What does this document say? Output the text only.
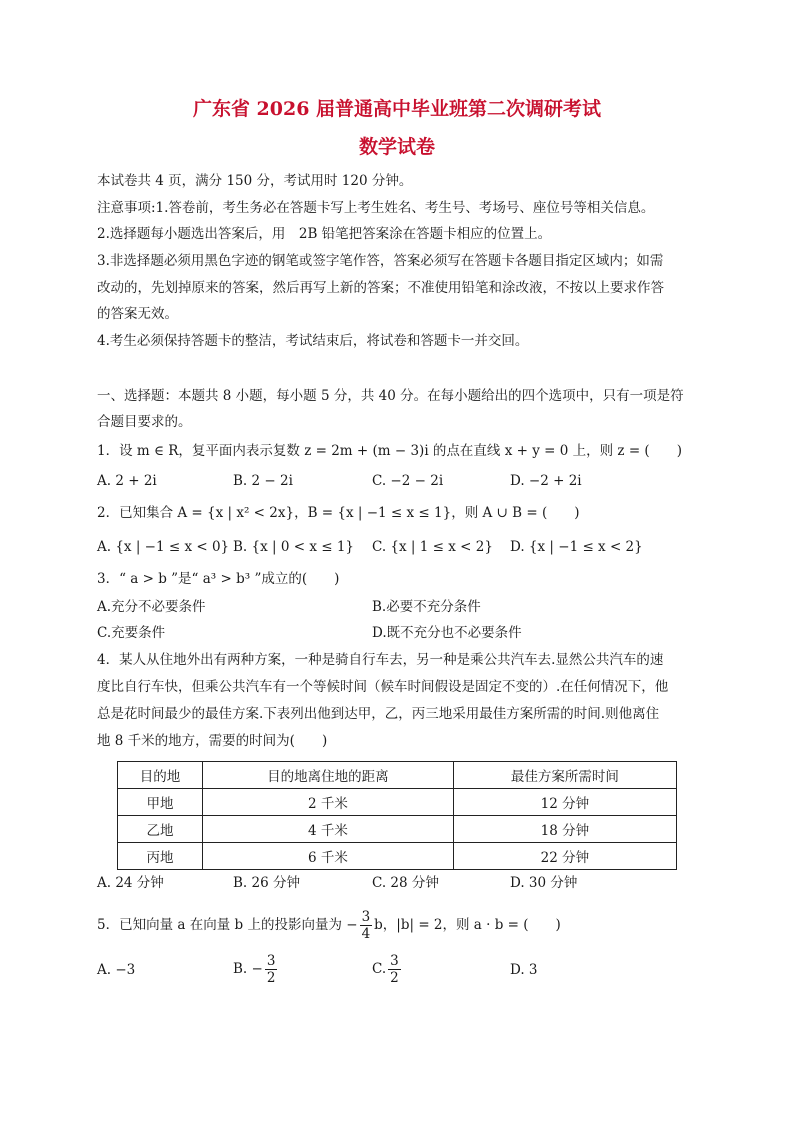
广东省 2026 届普通高中毕业班第二次调研考试
数学试卷
本试卷共 4 页，满分 150 分，考试用时 120 分钟。
注意事项:1.答卷前，考生务必在答题卡写上考生姓名、考生号、考场号、座位号等相关信息。
2.选择题每小题选出答案后，用　2B 铅笔把答案涂在答题卡相应的位置上。
3.非选择题必须用黑色字迹的钢笔或签字笔作答，答案必须写在答题卡各题目指定区域内；如需
改动的，先划掉原来的答案，然后再写上新的答案；不准使用铅笔和涂改液，不按以上要求作答
的答案无效。
4.考生必须保持答题卡的整洁，考试结束后，将试卷和答题卡一并交回。
一、选择题：本题共 8 小题，每小题 5 分，共 40 分。在每小题给出的四个选项中，只有一项是符
合题目要求的。
1．设 m ∈ R，复平面内表示复数 z = 2m + (m − 3)i 的点在直线 x + y = 0 上，则 z = (　　)
A. 2 + 2i	B. 2 − 2i	C. −2 − 2i	D. −2 + 2i
2．已知集合 A = {x | x² < 2x}，B = {x | −1 ≤ x ≤ 1}，则 A ∪ B = (　　)
A. {x | −1 ≤ x < 0} B. {x | 0 < x ≤ 1} C. {x | 1 ≤ x < 2} D. {x | −1 ≤ x < 2}
3．“ a > b ”是“ a³ > b³ ”成立的(　　)
A.充分不必要条件	B.必要不充分条件
C.充要条件	D.既不充分也不必要条件
4．某人从住地外出有两种方案，一种是骑自行车去，另一种是乘公共汽车去.显然公共汽车的速
度比自行车快，但乘公共汽车有一个等候时间（候车时间假设是固定不变的）.在任何情况下，他
总是花时间最少的最佳方案.下表列出他到达甲，乙，丙三地采用最佳方案所需的时间.则他离住
地 8 千米的地方，需要的时间为(　　)
目的地	目的地离住地的距离	最佳方案所需时间
甲地	2 千米	12 分钟
乙地	4 千米	18 分钟
丙地	6 千米	22 分钟
A. 24 分钟	B. 26 分钟	C. 28 分钟	D. 30 分钟
5．已知向量 a 在向量 b 上的投影向量为 − $\frac{3}{4}$ b，|b| = 2，则 a · b = (　　)
A. −3	B. − $\frac{3}{2}$	C. $\frac{3}{2}$	D. 3
